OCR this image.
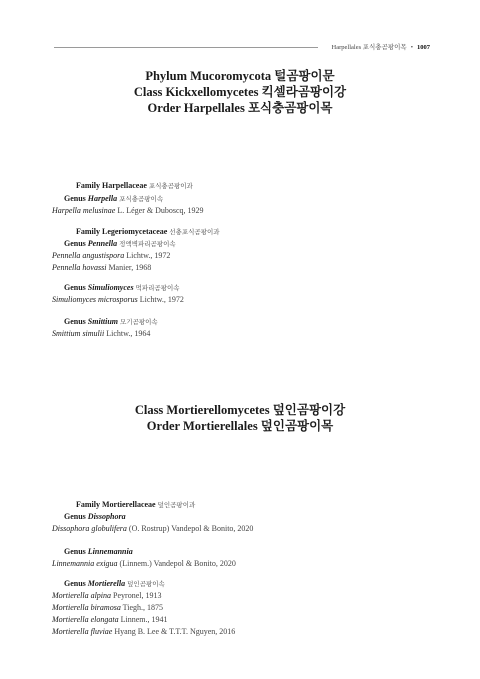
Harpellales 포식충곰팡이목 • 1007
Phylum Mucoromycota 털곰팡이문
Class Kickxellomycetes 킥셀라곰팡이강
Order Harpellales 포식충곰팡이목
Family Harpellaceae 포식충곰팡이과
Genus Harpella 포식충곰팡이속
Harpella melusinae L. Léger & Duboscq, 1929
Family Legeriomycetaceae 선충포식곰팡이과
Genus Pennella 정액벽파리곰팡이속
Pennella angustispora Lichtw., 1972
Pennella hovassi Manier, 1968
Genus Simuliomyces 먹파리곰팡이속
Simuliomyces microsporus Lichtw., 1972
Genus Smittium 모기곰팡이속
Smittium simulii Lichtw., 1964
Class Mortierellomycetes 덮인곰팡이강
Order Mortierellales 덮인곰팡이목
Family Mortierellaceae 덮인곰팡이과
Genus Dissophora
Dissophora globulifera (O. Rostrup) Vandepol & Bonito, 2020
Genus Linnemannia
Linnemannia exigua (Linnem.) Vandepol & Bonito, 2020
Genus Mortierella 덮인곰팡이속
Mortierella alpina Peyronel, 1913
Mortierella biramosa Tiegh., 1875
Mortierella elongata Linnem., 1941
Mortierella fluviae Hyang B. Lee & T.T.T. Nguyen, 2016
